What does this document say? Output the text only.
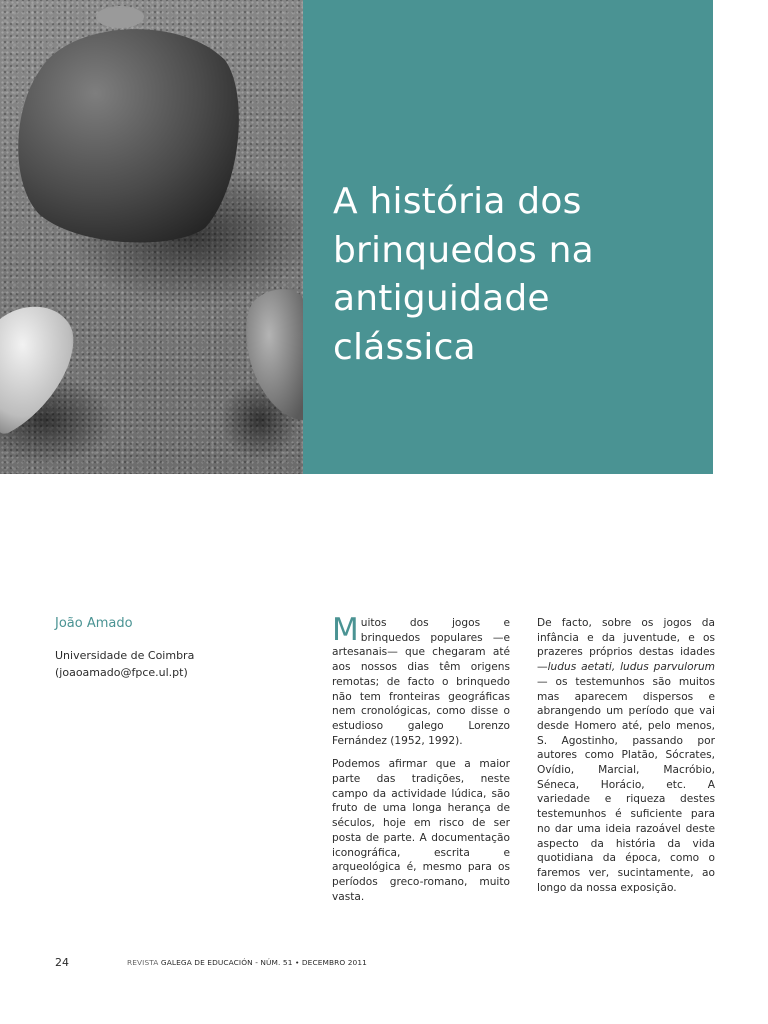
A história dos brinquedos na antiguidade clássica

João Amado

Universidade de Coimbra
(joaoamado@fpce.ul.pt)

Muitos dos jogos e brinquedos populares —e artesanais— que chegaram até aos nossos dias têm origens remotas; de facto o brinquedo não tem fronteiras geográficas nem cronológicas, como disse o estudioso galego Lorenzo Fernández (1952, 1992).

Podemos afirmar que a maior parte das tradições, neste campo da actividade lúdica, são fruto de uma longa herança de séculos, hoje em risco de ser posta de parte. A documentação iconográfica, escrita e arqueológica é, mesmo para os períodos greco-romano, muito vasta.

De facto, sobre os jogos da infância e da juventude, e os prazeres próprios destas idades —ludus aetati, ludus parvulorum— os testemunhos são muitos mas aparecem dispersos e abrangendo um período que vai desde Homero até, pelo menos, S. Agostinho, passando por autores como Platão, Sócrates, Ovídio, Marcial, Macróbio, Séneca, Horácio, etc. A variedade e riqueza destes testemunhos é suficiente para no dar uma ideia razoável deste aspecto da história da vida quotidiana da época, como o faremos ver, sucintamente, ao longo da nossa exposição.

24	REVISTA GALEGA DE EDUCACIÓN - NÚM. 51 • DECEMBRO 2011
